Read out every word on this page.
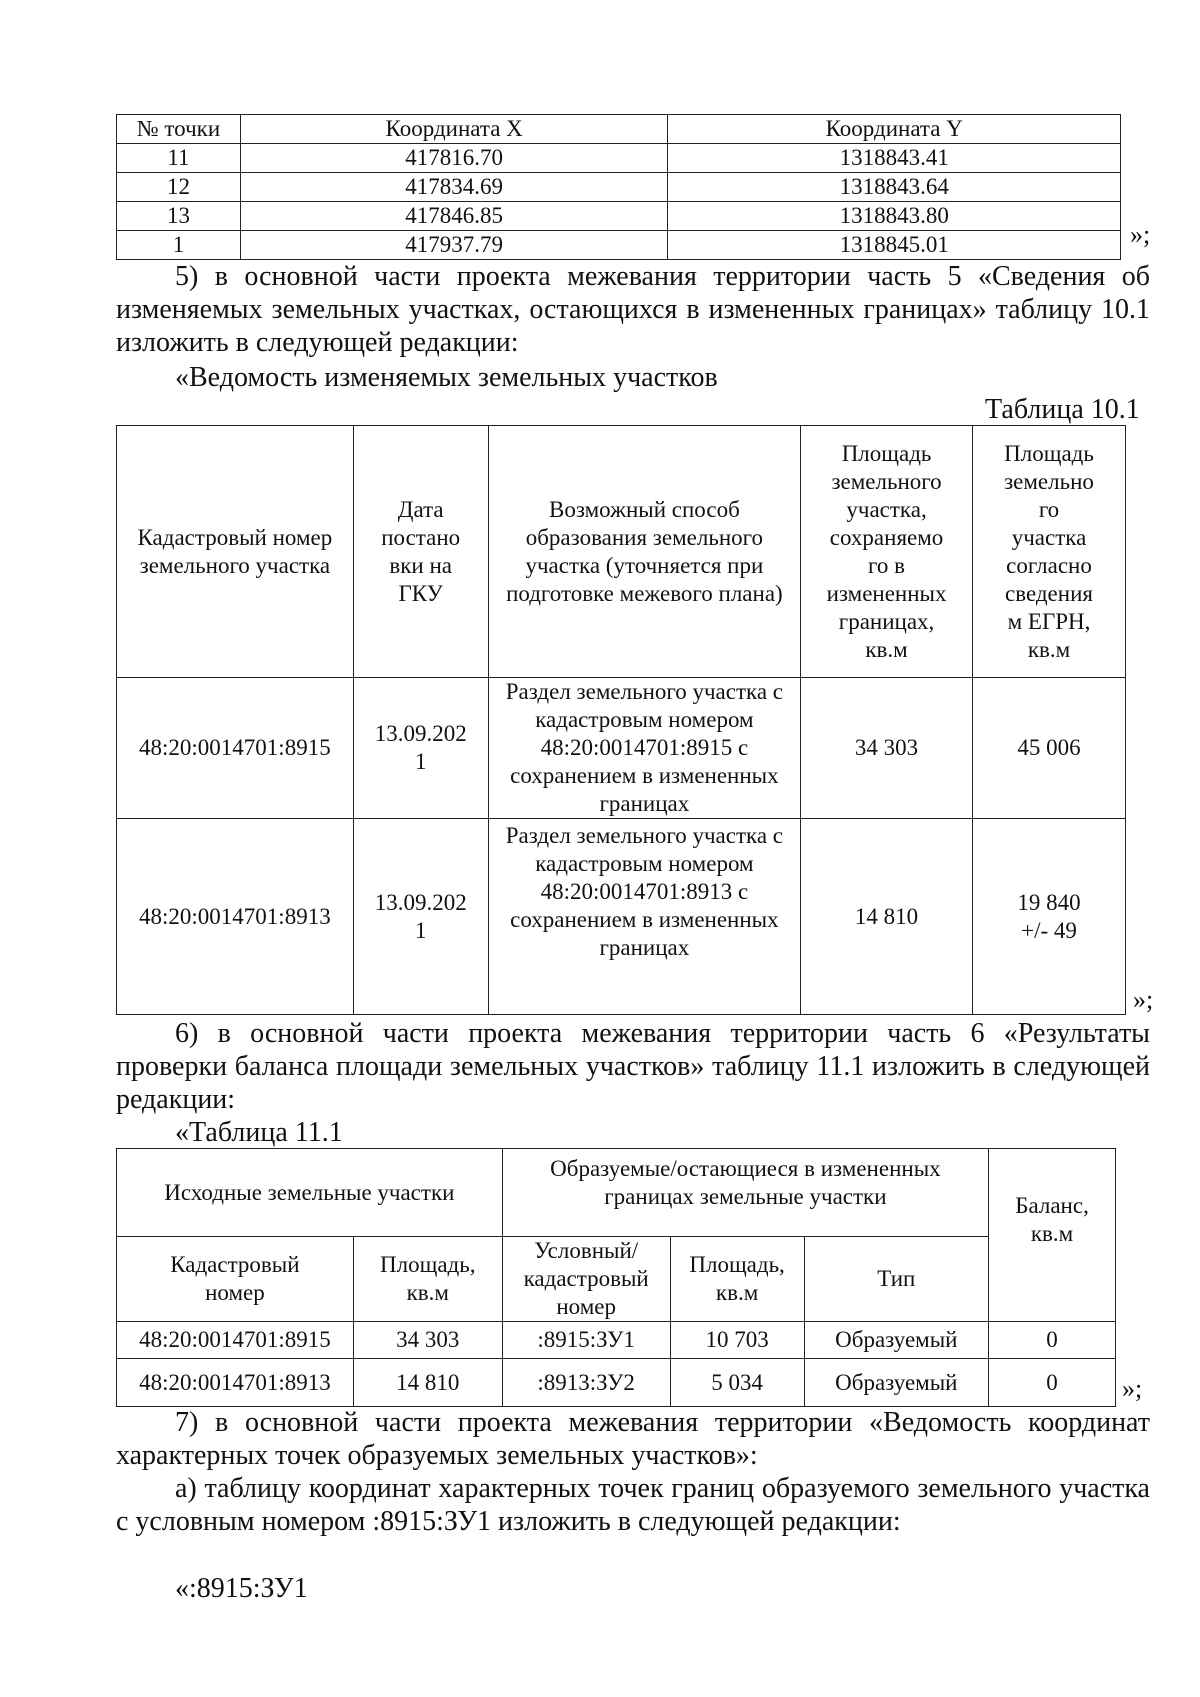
№ точки	Координата X	Координата Y
11	417816.70	1318843.41
12	417834.69	1318843.64
13	417846.85	1318843.80
1	417937.79	1318845.01	»;

5) в основной части проекта межевания территории часть 5 «Сведения об изменяемых земельных участках, остающихся в измененных границах» таблицу 10.1 изложить в следующей редакции:

«Ведомость изменяемых земельных участков
Таблица 10.1
Кадастровый номер земельного участка	Дата постано вки на ГКУ	Возможный способ образования земельного участка (уточняется при подготовке межевого плана)	Площадь земельного участка, сохраняемо го в измененных границах, кв.м	Площадь земельно го участка согласно сведения м ЕГРН, кв.м
48:20:0014701:8915	13.09.202 1	Раздел земельного участка с кадастровым номером 48:20:0014701:8915 с сохранением в измененных границах	34 303	45 006
48:20:0014701:8913	13.09.202 1	Раздел земельного участка с кадастровым номером 48:20:0014701:8913 с сохранением в измененных границах	14 810	19 840 +/- 49
»;

6) в основной части проекта межевания территории часть 6 «Результаты проверки баланса площади земельных участков» таблицу 11.1 изложить в следующей редакции:

«Таблица 11.1
Исходные земельные участки		Образуемые/остающиеся в измененных границах земельные участки			Баланс, кв.м
Кадастровый номер	Площадь, кв.м	Условный/ кадастровый номер	Площадь, кв.м	Тип	
48:20:0014701:8915	34 303	:8915:ЗУ1	10 703	Образуемый	0
48:20:0014701:8913	14 810	:8913:ЗУ2	5 034	Образуемый	0 »;

7) в основной части проекта межевания территории «Ведомость координат характерных точек образуемых земельных участков»:

а) таблицу координат характерных точек границ образуемого земельного участка с условным номером :8915:ЗУ1 изложить в следующей редакции:

«:8915:ЗУ1
